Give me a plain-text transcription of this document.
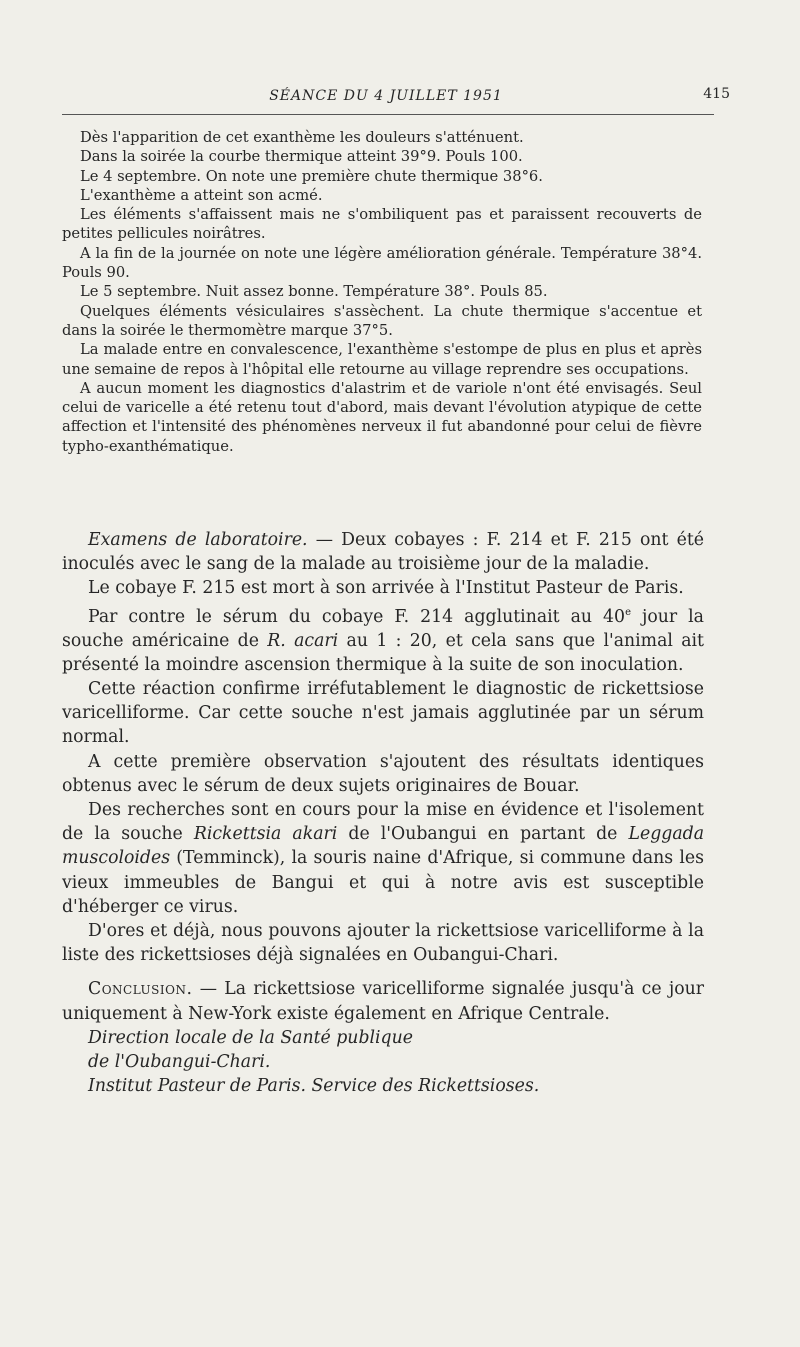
SÉANCE DU 4 JUILLET 1951	415

Dès l'apparition de cet exanthème les douleurs s'atténuent.

Dans la soirée la courbe thermique atteint 39°9. Pouls 100.

Le 4 septembre. On note une première chute thermique 38°6.

L'exanthème a atteint son acmé.

Les éléments s'affaissent mais ne s'ombiliquent pas et paraissent recouverts de petites pellicules noirâtres.

A la fin de la journée on note une légère amélioration générale. Température 38°4. Pouls 90.

Le 5 septembre. Nuit assez bonne. Température 38°. Pouls 85.

Quelques éléments vésiculaires s'assèchent. La chute thermique s'accentue et dans la soirée le thermomètre marque 37°5.

La malade entre en convalescence, l'exanthème s'estompe de plus en plus et après une semaine de repos à l'hôpital elle retourne au village reprendre ses occupations.

A aucun moment les diagnostics d'alastrim et de variole n'ont été envisagés. Seul celui de varicelle a été retenu tout d'abord, mais devant l'évolution atypique de cette affection et l'intensité des phénomènes nerveux il fut abandonné pour celui de fièvre typho-exanthématique.

Examens de laboratoire. — Deux cobayes : F. 214 et F. 215 ont été inoculés avec le sang de la malade au troisième jour de la maladie.

Le cobaye F. 215 est mort à son arrivée à l'Institut Pasteur de Paris.

Par contre le sérum du cobaye F. 214 agglutinait au 40e jour la souche américaine de R. acari au 1 : 20, et cela sans que l'animal ait présenté la moindre ascension thermique à la suite de son inoculation.

Cette réaction confirme irréfutablement le diagnostic de rickettsiose varicelliforme. Car cette souche n'est jamais agglutinée par un sérum normal.

A cette première observation s'ajoutent des résultats identiques obtenus avec le sérum de deux sujets originaires de Bouar.

Des recherches sont en cours pour la mise en évidence et l'isolement de la souche Rickettsia akari de l'Oubangui en partant de Leggada muscoloides (Temminck), la souris naine d'Afrique, si commune dans les vieux immeubles de Bangui et qui à notre avis est susceptible d'héberger ce virus.

D'ores et déjà, nous pouvons ajouter la rickettsiose varicelliforme à la liste des rickettsioses déjà signalées en Oubangui-Chari.

Conclusion. — La rickettsiose varicelliforme signalée jusqu'à ce jour uniquement à New-York existe également en Afrique Centrale.

Direction locale de la Santé publique

de l'Oubangui-Chari.

Institut Pasteur de Paris. Service des Rickettsioses.
